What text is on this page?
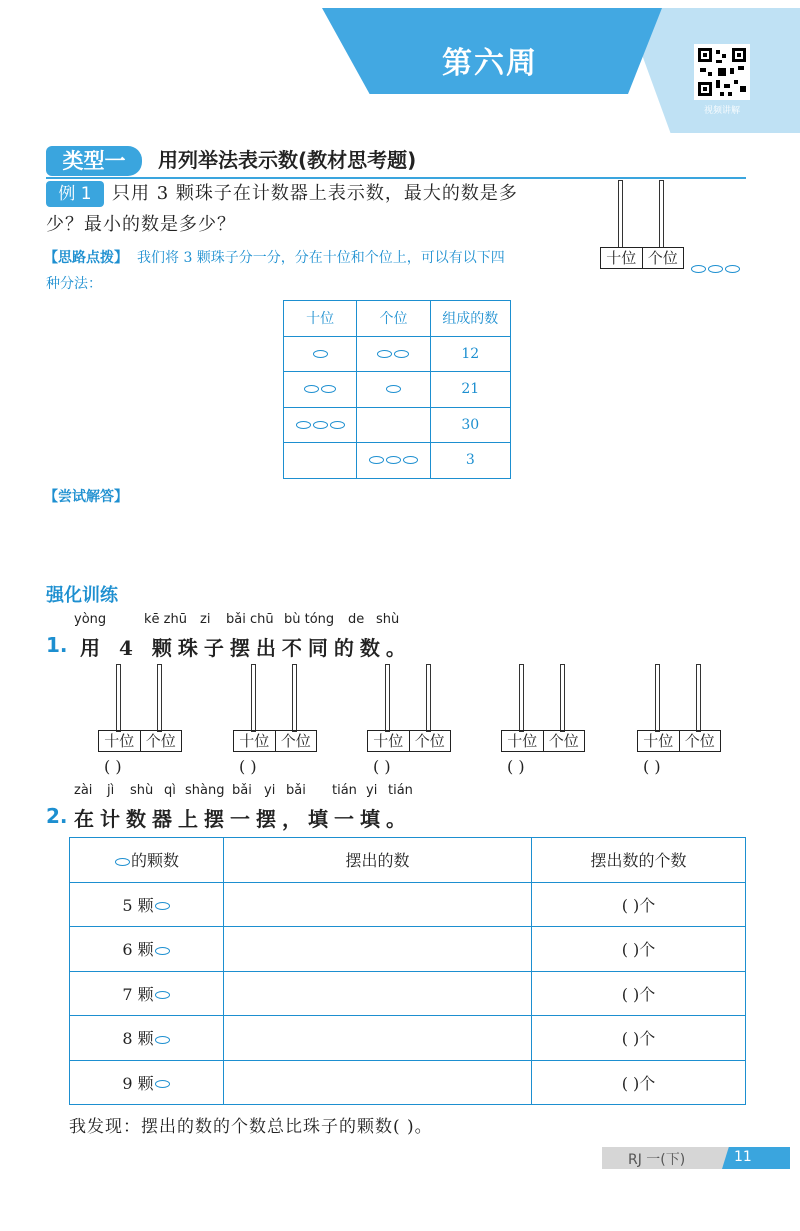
第六周
视频讲解
类型一	用列举法表示数(教材思考题)
例 1	只用 3 颗珠子在计数器上表示数，最大的数是多
少？最小的数是多少？
十位 个位
【思路点拨】 我们将 3 颗珠子分一分，分在十位和个位上，可以有以下四
种分法：
十位	个位	组成的数
		12
		21
		30
		3
【尝试解答】
强化训练
yòng	kē zhū zi bǎi chū bù tóng de shù
1. 用 4 颗珠子摆出不同的数。
十位 个位
( )
十位 个位
( )
十位 个位
( )
十位 个位
( )
十位 个位
( )
zài jì shù qì shàng bǎi yi bǎi tián yi tián
2. 在计数器上摆一摆，填一填。
的颗数	摆出的数	摆出数的个数
5 颗		( )个
6 颗		( )个
7 颗		( )个
8 颗		( )个
9 颗		( )个
我发现：摆出的数的个数总比珠子的颗数( )。
RJ 一(下)	11
